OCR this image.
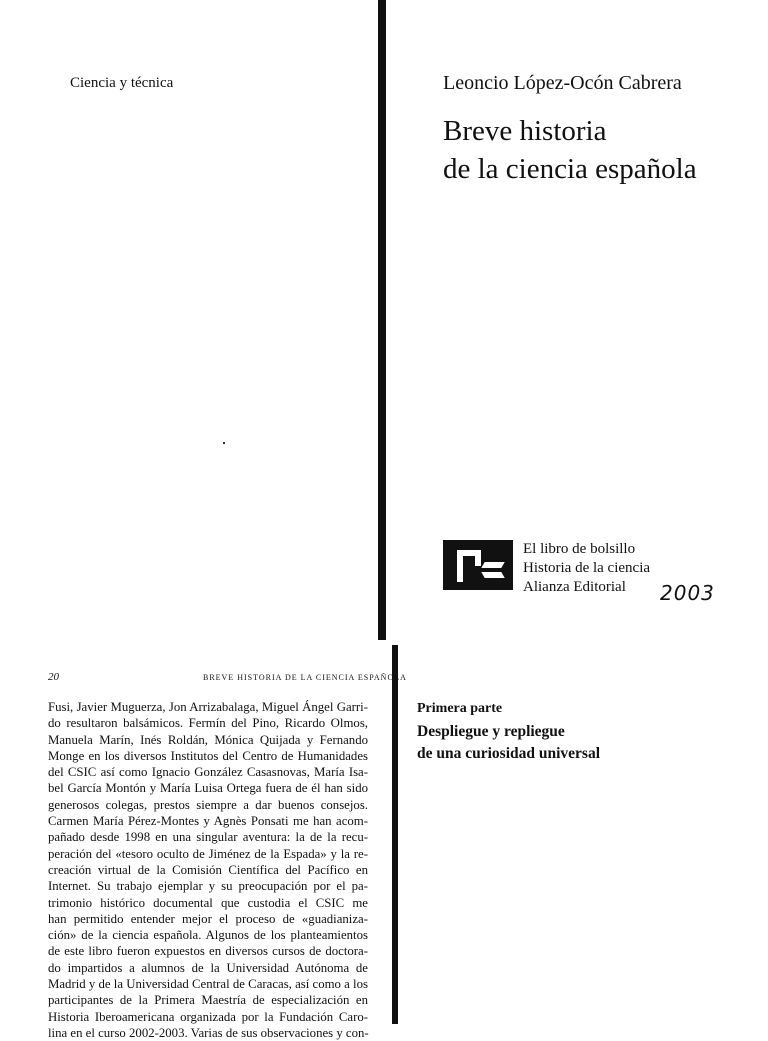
Ciencia y técnica	Leoncio López-Ocón Cabrera
Breve historia
de la ciencia española
El libro de bolsillo
Historia de la ciencia
Alianza Editorial	2003
20	BREVE HISTORIA DE LA CIENCIA ESPAÑOLA
Fusi, Javier Muguerza, Jon Arrizabalaga, Miguel Ángel Garri-
do resultaron balsámicos. Fermín del Pino, Ricardo Olmos,
Manuela Marín, Inés Roldán, Mónica Quijada y Fernando
Monge en los diversos Institutos del Centro de Humanidades
del CSIC así como Ignacio González Casasnovas, María Isa-
bel García Montón y María Luisa Ortega fuera de él han sido
generosos colegas, prestos siempre a dar buenos consejos.
Carmen María Pérez-Montes y Agnès Ponsati me han acom-
pañado desde 1998 en una singular aventura: la de la recu-
peración del «tesoro oculto de Jiménez de la Espada» y la re-
creación virtual de la Comisión Científica del Pacífico en
Internet. Su trabajo ejemplar y su preocupación por el pa-
trimonio histórico documental que custodia el CSIC me
han permitido entender mejor el proceso de «guadianiza-
ción» de la ciencia española. Algunos de los planteamientos
de este libro fueron expuestos en diversos cursos de doctora-
do impartidos a alumnos de la Universidad Autónoma de
Madrid y de la Universidad Central de Caracas, así como a los
participantes de la Primera Maestría de especialización en
Historia Iberoamericana organizada por la Fundación Caro-
lina en el curso 2002-2003. Varias de sus observaciones y con-
Primera parte
Despliegue y repliegue
de una curiosidad universal
